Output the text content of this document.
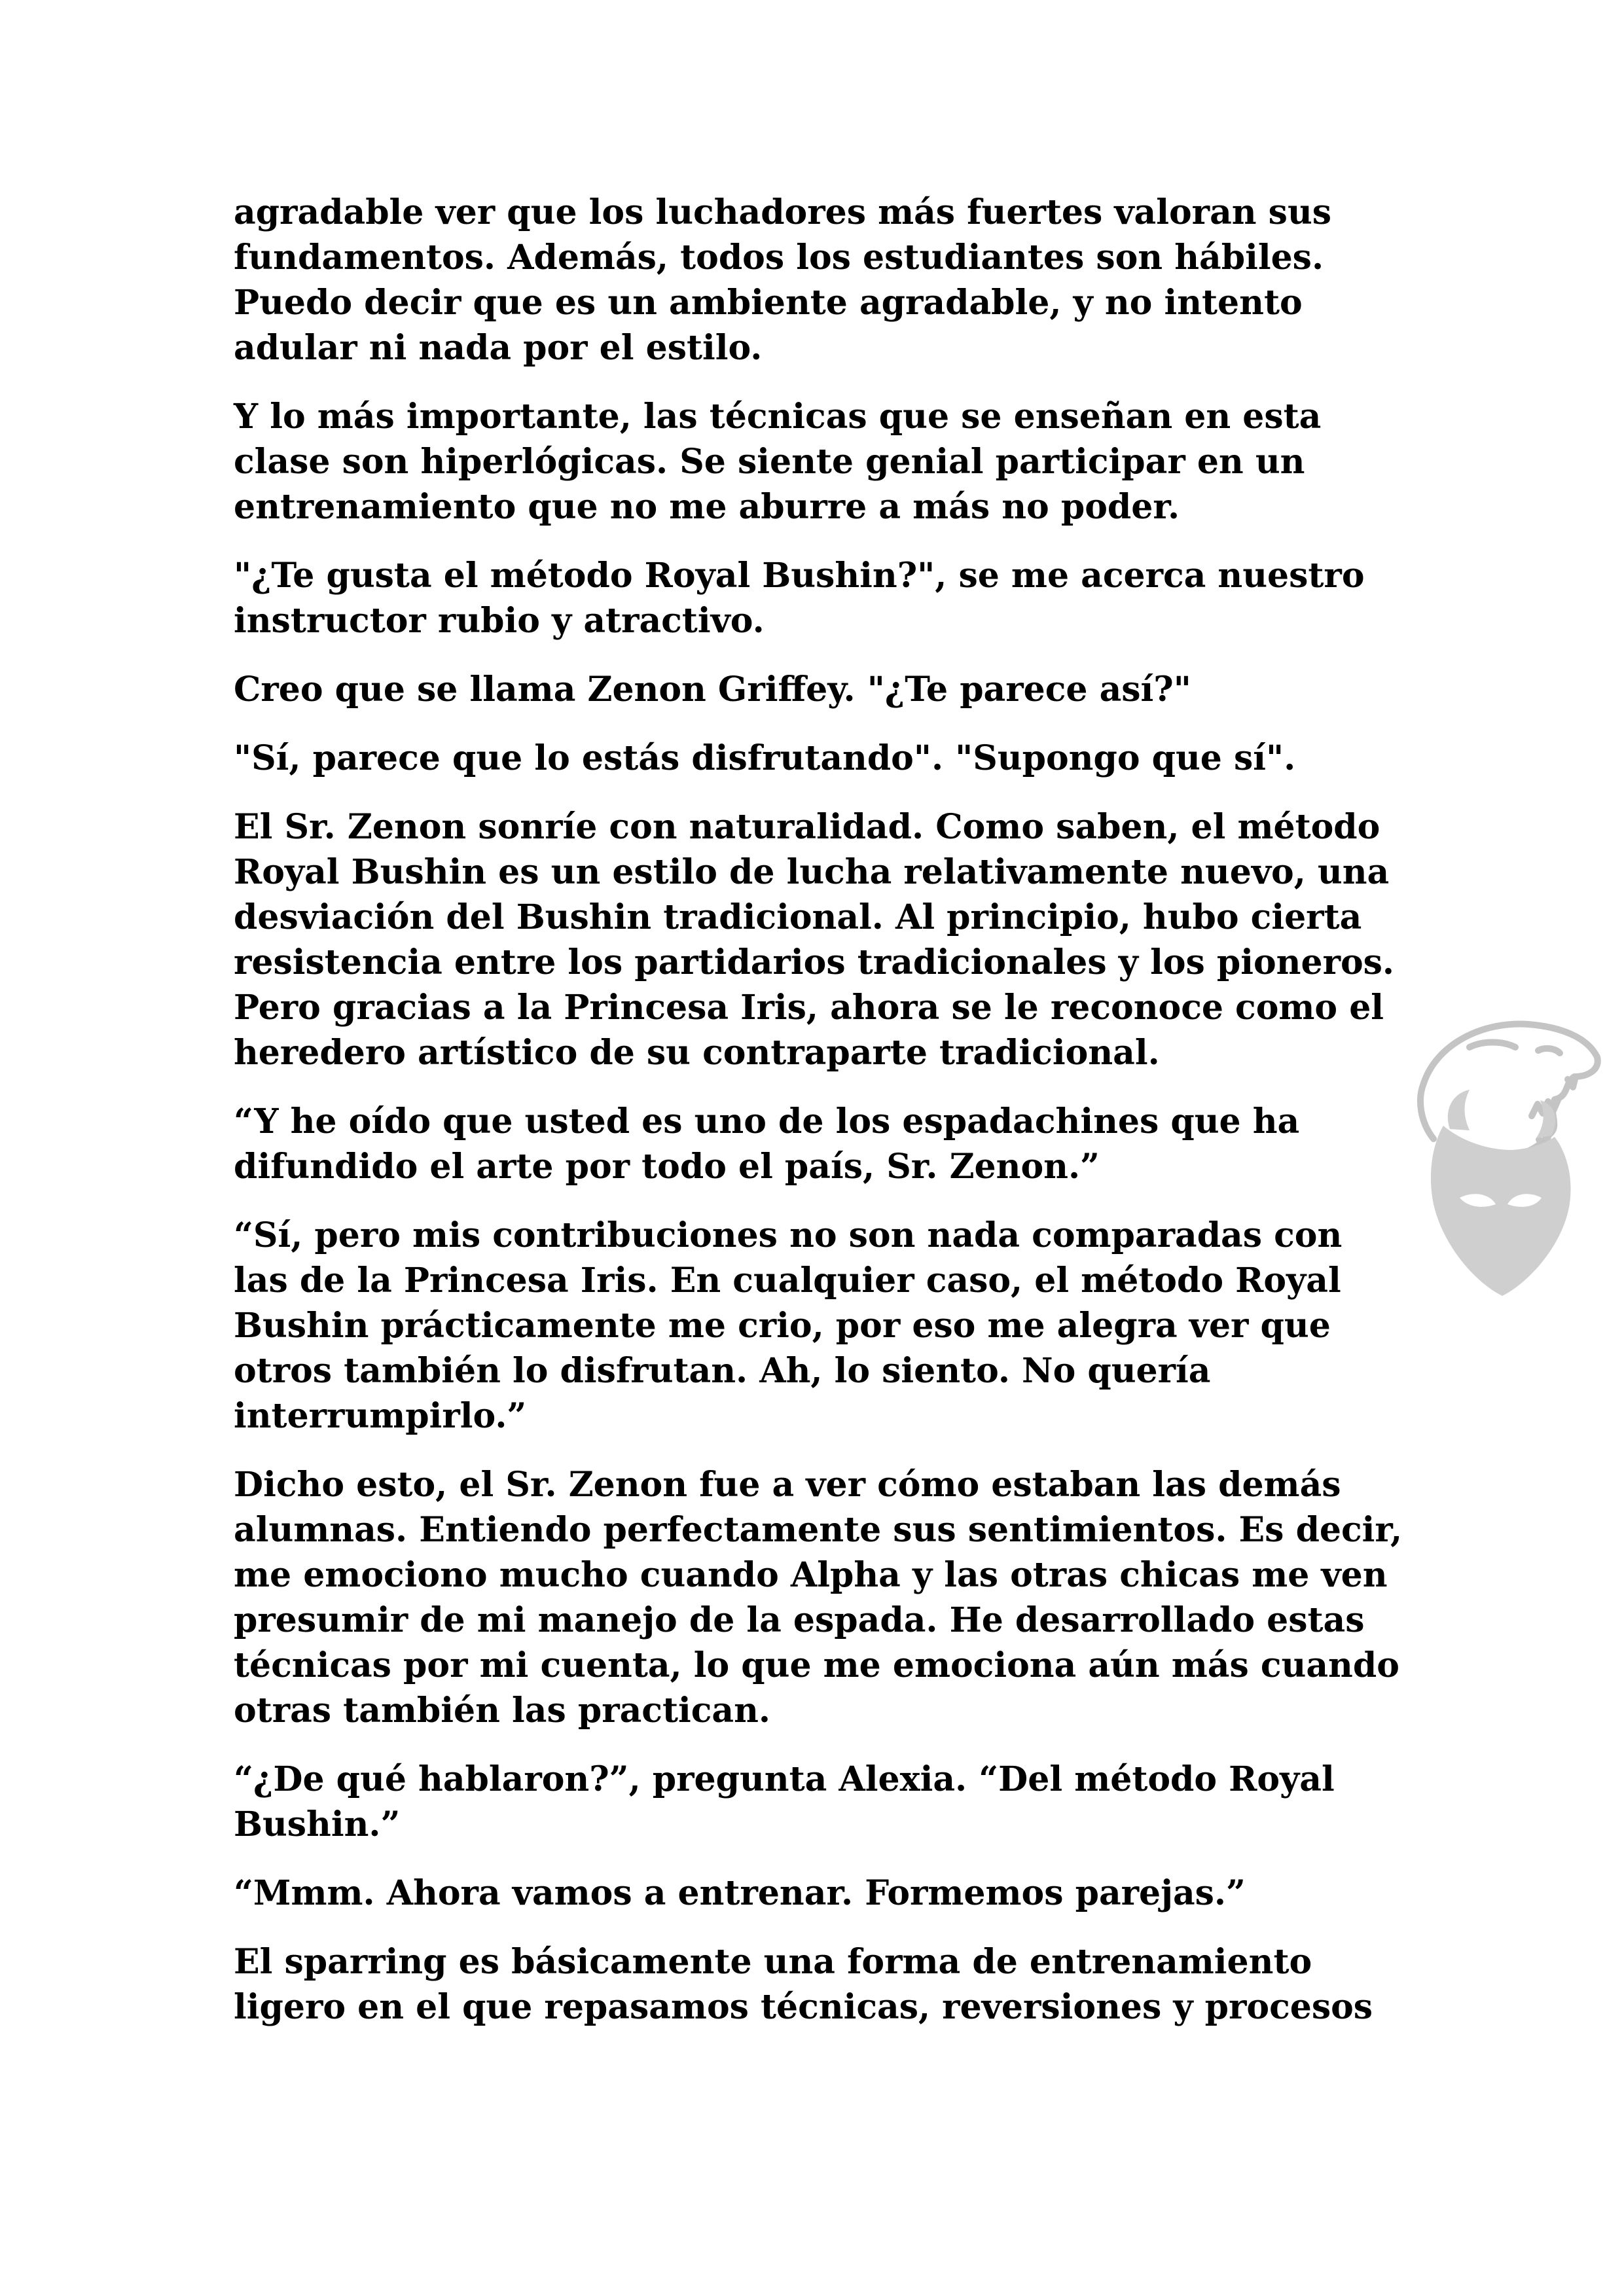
agradable ver que los luchadores más fuertes valoran sus fundamentos. Además, todos los estudiantes son hábiles. Puedo decir que es un ambiente agradable, y no intento adular ni nada por el estilo.

Y lo más importante, las técnicas que se enseñan en esta clase son hiperlógicas. Se siente genial participar en un entrenamiento que no me aburre a más no poder.

"¿Te gusta el método Royal Bushin?", se me acerca nuestro instructor rubio y atractivo.

Creo que se llama Zenon Griffey. "¿Te parece así?"

"Sí, parece que lo estás disfrutando". "Supongo que sí".

El Sr. Zenon sonríe con naturalidad. Como saben, el método Royal Bushin es un estilo de lucha relativamente nuevo, una desviación del Bushin tradicional. Al principio, hubo cierta resistencia entre los partidarios tradicionales y los pioneros. Pero gracias a la Princesa Iris, ahora se le reconoce como el heredero artístico de su contraparte tradicional.

“Y he oído que usted es uno de los espadachines que ha difundido el arte por todo el país, Sr. Zenon.”

“Sí, pero mis contribuciones no son nada comparadas con las de la Princesa Iris. En cualquier caso, el método Royal Bushin prácticamente me crio, por eso me alegra ver que otros también lo disfrutan. Ah, lo siento. No quería interrumpirlo.”

Dicho esto, el Sr. Zenon fue a ver cómo estaban las demás alumnas. Entiendo perfectamente sus sentimientos. Es decir, me emociono mucho cuando Alpha y las otras chicas me ven presumir de mi manejo de la espada. He desarrollado estas técnicas por mi cuenta, lo que me emociona aún más cuando otras también las practican.

“¿De qué hablaron?”, pregunta Alexia. “Del método Royal Bushin.”

“Mmm. Ahora vamos a entrenar. Formemos parejas.”

El sparring es básicamente una forma de entrenamiento ligero en el que repasamos técnicas, reversiones y procesos
